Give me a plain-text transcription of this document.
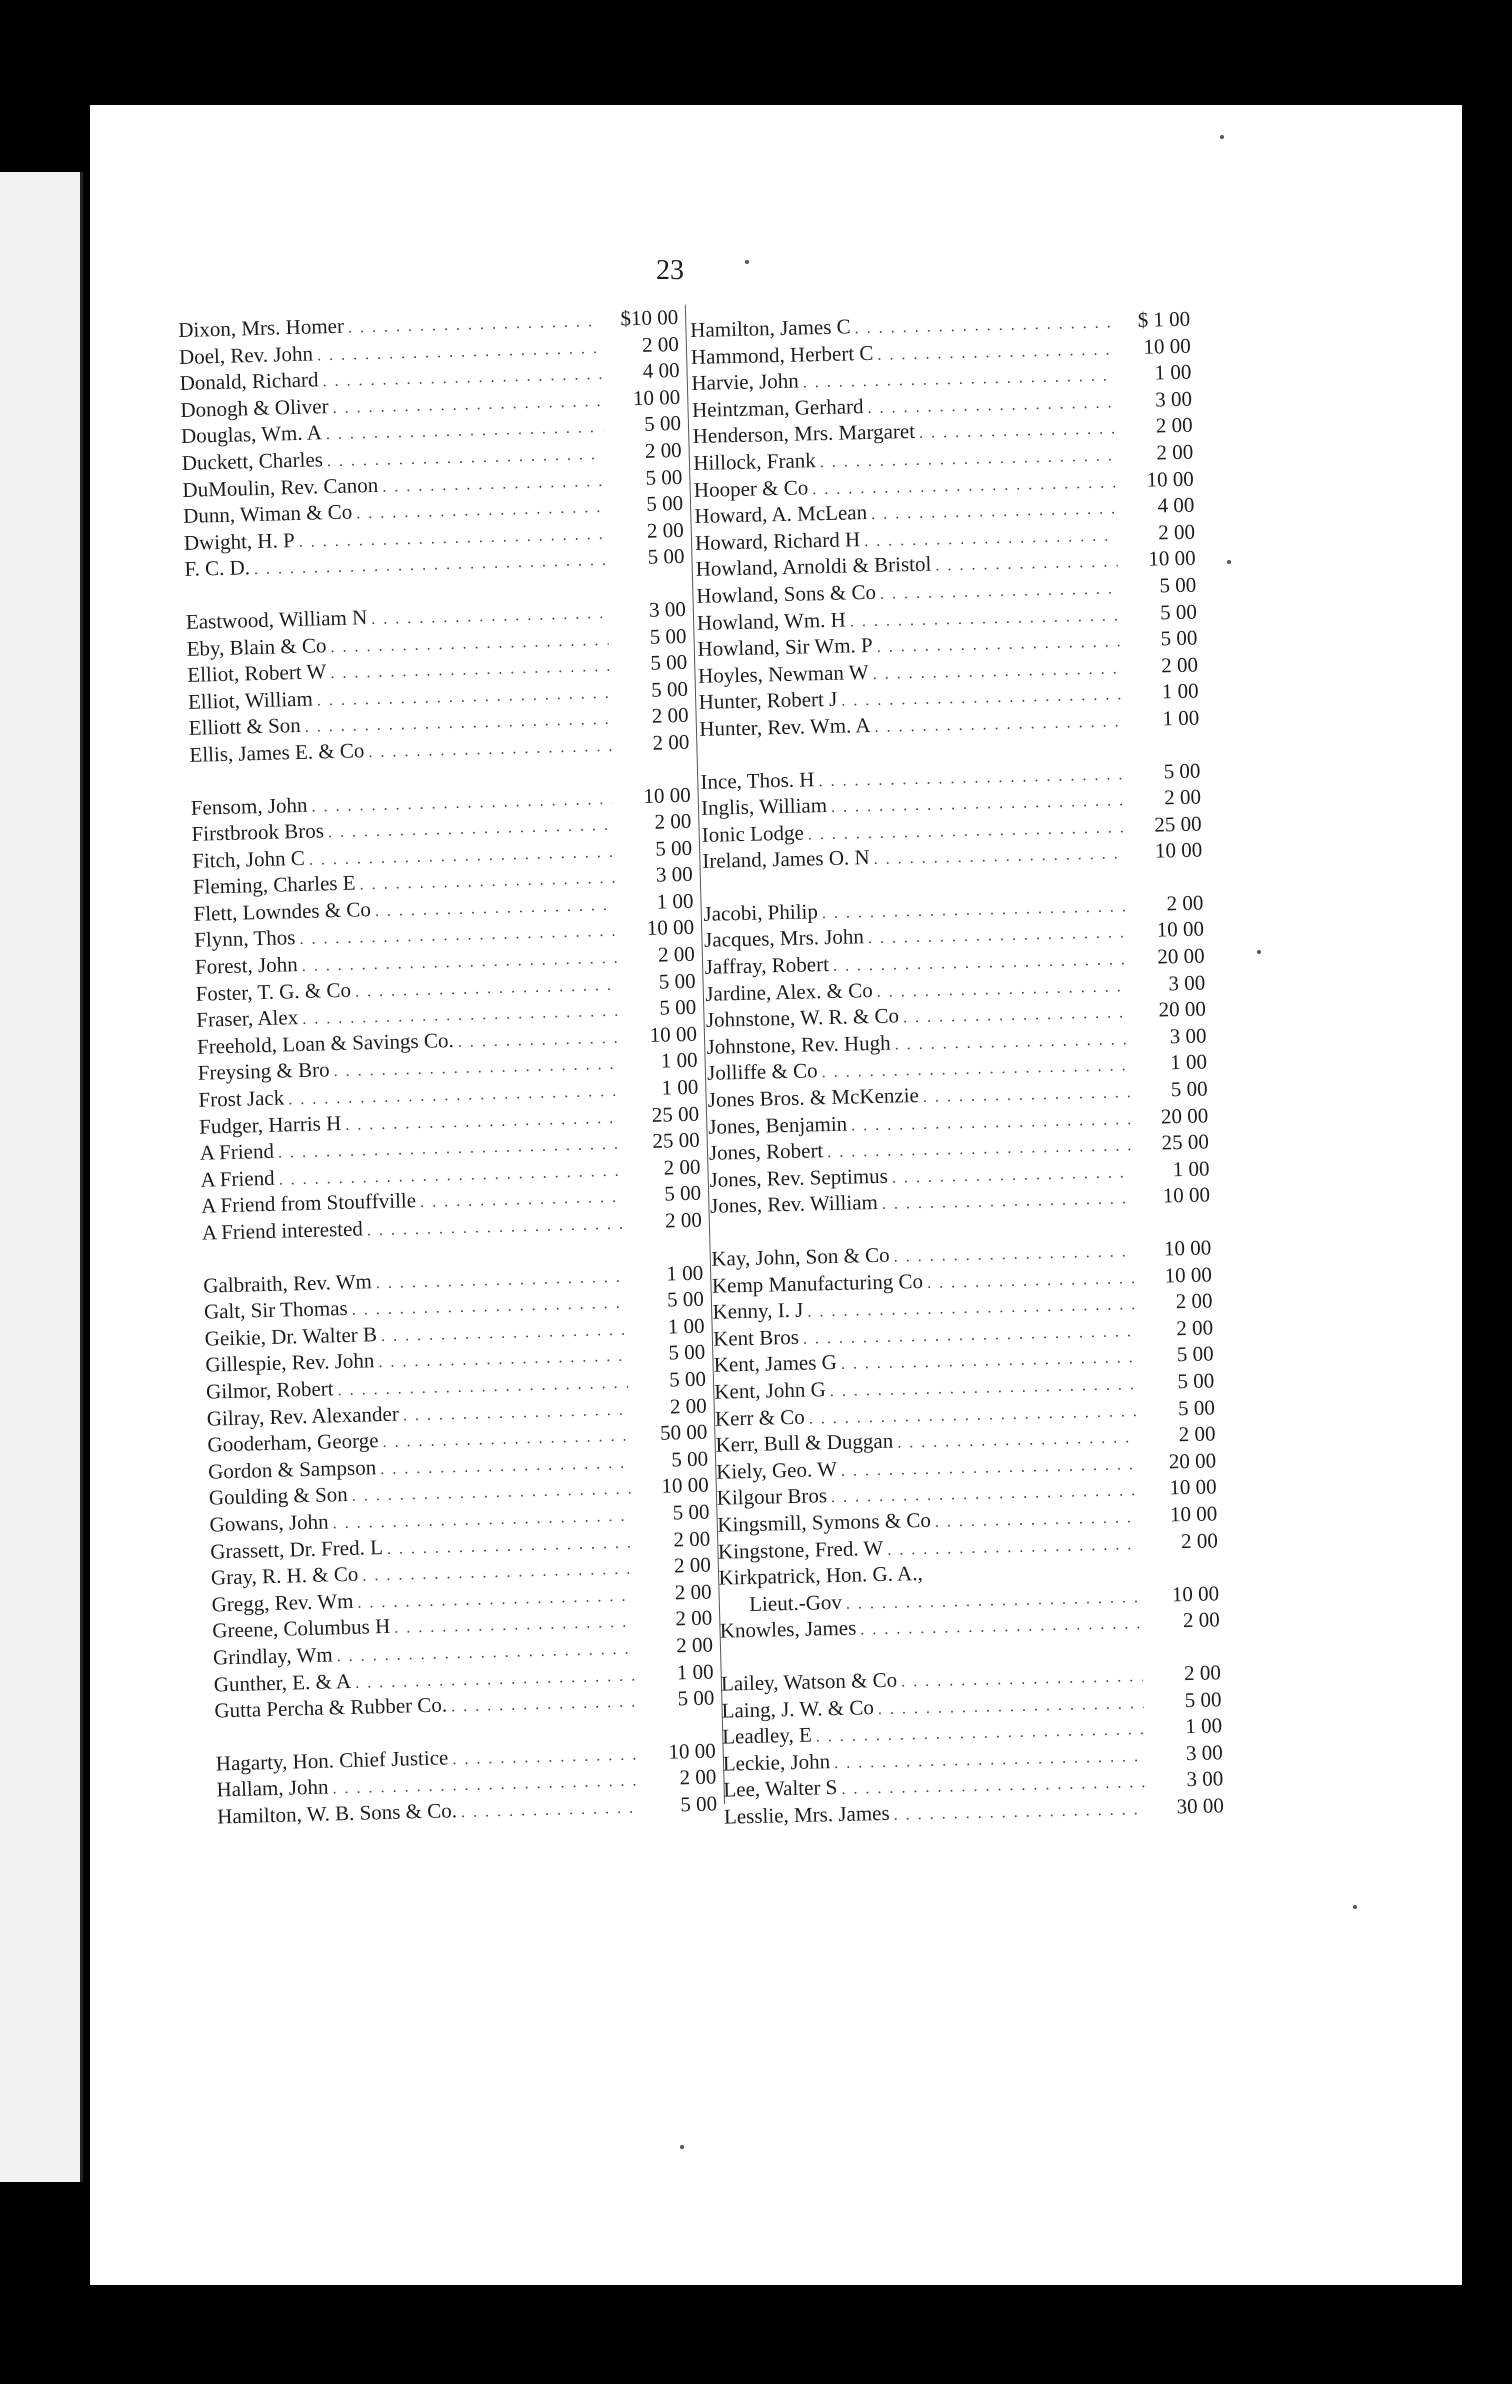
23
Dixon, Mrs. Homer . . .	$10 00
Doel, Rev. John . . .	2 00
Donald, Richard . . .	4 00
Donogh & Oliver . . .	10 00
Douglas, Wm. A . . .	5 00
Duckett, Charles . . .	2 00
DuMoulin, Rev. Canon . . .	5 00
Dunn, Wiman & Co . . .	5 00
Dwight, H. P . . .	2 00
F. C. D. . . .	5 00
Eastwood, William N . . .	3 00
Eby, Blain & Co . . .	5 00
Elliot, Robert W . . .	5 00
Elliot, William . . .	5 00
Elliott & Son . . .	2 00
Ellis, James E. & Co . . .	2 00
Fensom, John . . .	10 00
Firstbrook Bros . . .	2 00
Fitch, John C . . .	5 00
Fleming, Charles E . . .	3 00
Flett, Lowndes & Co . . .	1 00
Flynn, Thos . . .	10 00
Forest, John . . .	2 00
Foster, T. G. & Co . . .	5 00
Fraser, Alex . . .	5 00
Freehold, Loan & Savings Co. . . .	10 00
Freysing & Bro . . .	1 00
Frost Jack . . .	1 00
Fudger, Harris H . . .	25 00
A Friend . . .	25 00
A Friend . . .	2 00
A Friend from Stouffville . . .	5 00
A Friend interested . . .	2 00
Galbraith, Rev. Wm . . .	1 00
Galt, Sir Thomas . . .	5 00
Geikie, Dr. Walter B . . .	1 00
Gillespie, Rev. John . . .	5 00
Gilmor, Robert . . .	5 00
Gilray, Rev. Alexander . . .	2 00
Gooderham, George . . .	50 00
Gordon & Sampson . . .	5 00
Goulding & Son . . .	10 00
Gowans, John . . .	5 00
Grassett, Dr. Fred. L . . .	2 00
Gray, R. H. & Co . . .	2 00
Gregg, Rev. Wm . . .	2 00
Greene, Columbus H . . .	2 00
Grindlay, Wm . . .	2 00
Gunther, E. & A . . .	1 00
Gutta Percha & Rubber Co. . . .	5 00
Hagarty, Hon. Chief Justice . . .	10 00
Hallam, John . . .	2 00
Hamilton, W. B. Sons & Co. . . .	5 00
Hamilton, James C . . .	$ 1 00
Hammond, Herbert C . . .	10 00
Harvie, John . . .	1 00
Heintzman, Gerhard . . .	3 00
Henderson, Mrs. Margaret . . .	2 00
Hillock, Frank . . .	2 00
Hooper & Co . . .	10 00
Howard, A. McLean . . .	4 00
Howard, Richard H . . .	2 00
Howland, Arnoldi & Bristol . . .	10 00
Howland, Sons & Co . . .	5 00
Howland, Wm. H . . .	5 00
Howland, Sir Wm. P . . .	5 00
Hoyles, Newman W . . .	2 00
Hunter, Robert J . . .	1 00
Hunter, Rev. Wm. A . . .	1 00
Ince, Thos. H . . .	5 00
Inglis, William . . .	2 00
Ionic Lodge . . .	25 00
Ireland, James O. N . . .	10 00
Jacobi, Philip . . .	2 00
Jacques, Mrs. John . . .	10 00
Jaffray, Robert . . .	20 00
Jardine, Alex. & Co . . .	3 00
Johnstone, W. R. & Co . . .	20 00
Johnstone, Rev. Hugh . . .	3 00
Jolliffe & Co . . .	1 00
Jones Bros. & McKenzie . . .	5 00
Jones, Benjamin . . .	20 00
Jones, Robert . . .	25 00
Jones, Rev. Septimus . . .	1 00
Jones, Rev. William . . .	10 00
Kay, John, Son & Co . . .	10 00
Kemp Manufacturing Co . . .	10 00
Kenny, I. J . . .	2 00
Kent Bros . . .	2 00
Kent, James G . . .	5 00
Kent, John G . . .	5 00
Kerr & Co . . .	5 00
Kerr, Bull & Duggan . . .	2 00
Kiely, Geo. W . . .	20 00
Kilgour Bros . . .	10 00
Kingsmill, Symons & Co . . .	10 00
Kingstone, Fred. W . . .	2 00
Kirkpatrick, Hon. G. A.,
Lieut.-Gov . . .	10 00
Knowles, James . . .	2 00
Lailey, Watson & Co . . .	2 00
Laing, J. W. & Co . . .	5 00
Leadley, E . . .	1 00
Leckie, John . . .	3 00
Lee, Walter S . . .	3 00
Lesslie, Mrs. James . . .	30 00
